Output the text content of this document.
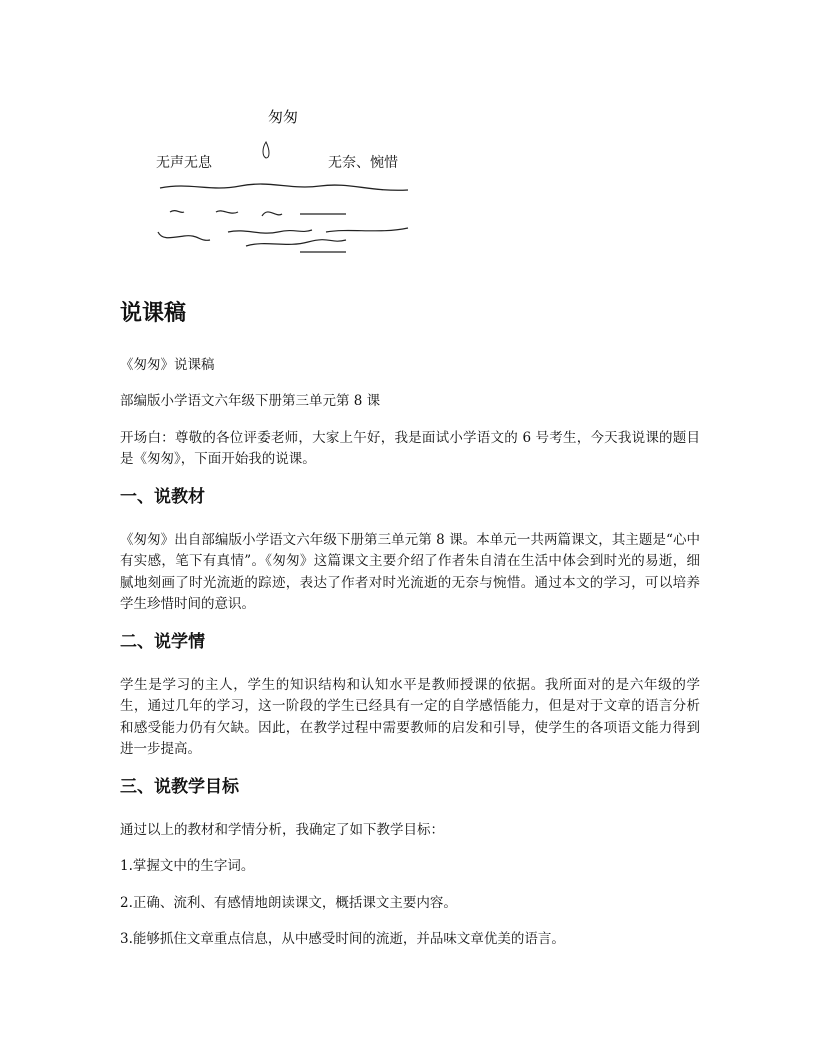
匆匆
无声无息	无奈、惋惜
说课稿

《匆匆》说课稿

部编版小学语文六年级下册第三单元第 8 课

开场白：尊敬的各位评委老师，大家上午好，我是面试小学语文的 6 号考生，今天我说课的题目是《匆匆》，下面开始我的说课。

一、说教材

《匆匆》出自部编版小学语文六年级下册第三单元第 8 课。本单元一共两篇课文，其主题是“心中有实感，笔下有真情”。《匆匆》这篇课文主要介绍了作者朱自清在生活中体会到时光的易逝，细腻地刻画了时光流逝的踪迹，表达了作者对时光流逝的无奈与惋惜。通过本文的学习，可以培养学生珍惜时间的意识。

二、说学情

学生是学习的主人，学生的知识结构和认知水平是教师授课的依据。我所面对的是六年级的学生，通过几年的学习，这一阶段的学生已经具有一定的自学感悟能力，但是对于文章的语言分析和感受能力仍有欠缺。因此，在教学过程中需要教师的启发和引导，使学生的各项语文能力得到进一步提高。

三、说教学目标

通过以上的教材和学情分析，我确定了如下教学目标：

1.掌握文中的生字词。

2.正确、流利、有感情地朗读课文，概括课文主要内容。

3.能够抓住文章重点信息，从中感受时间的流逝，并品味文章优美的语言。
